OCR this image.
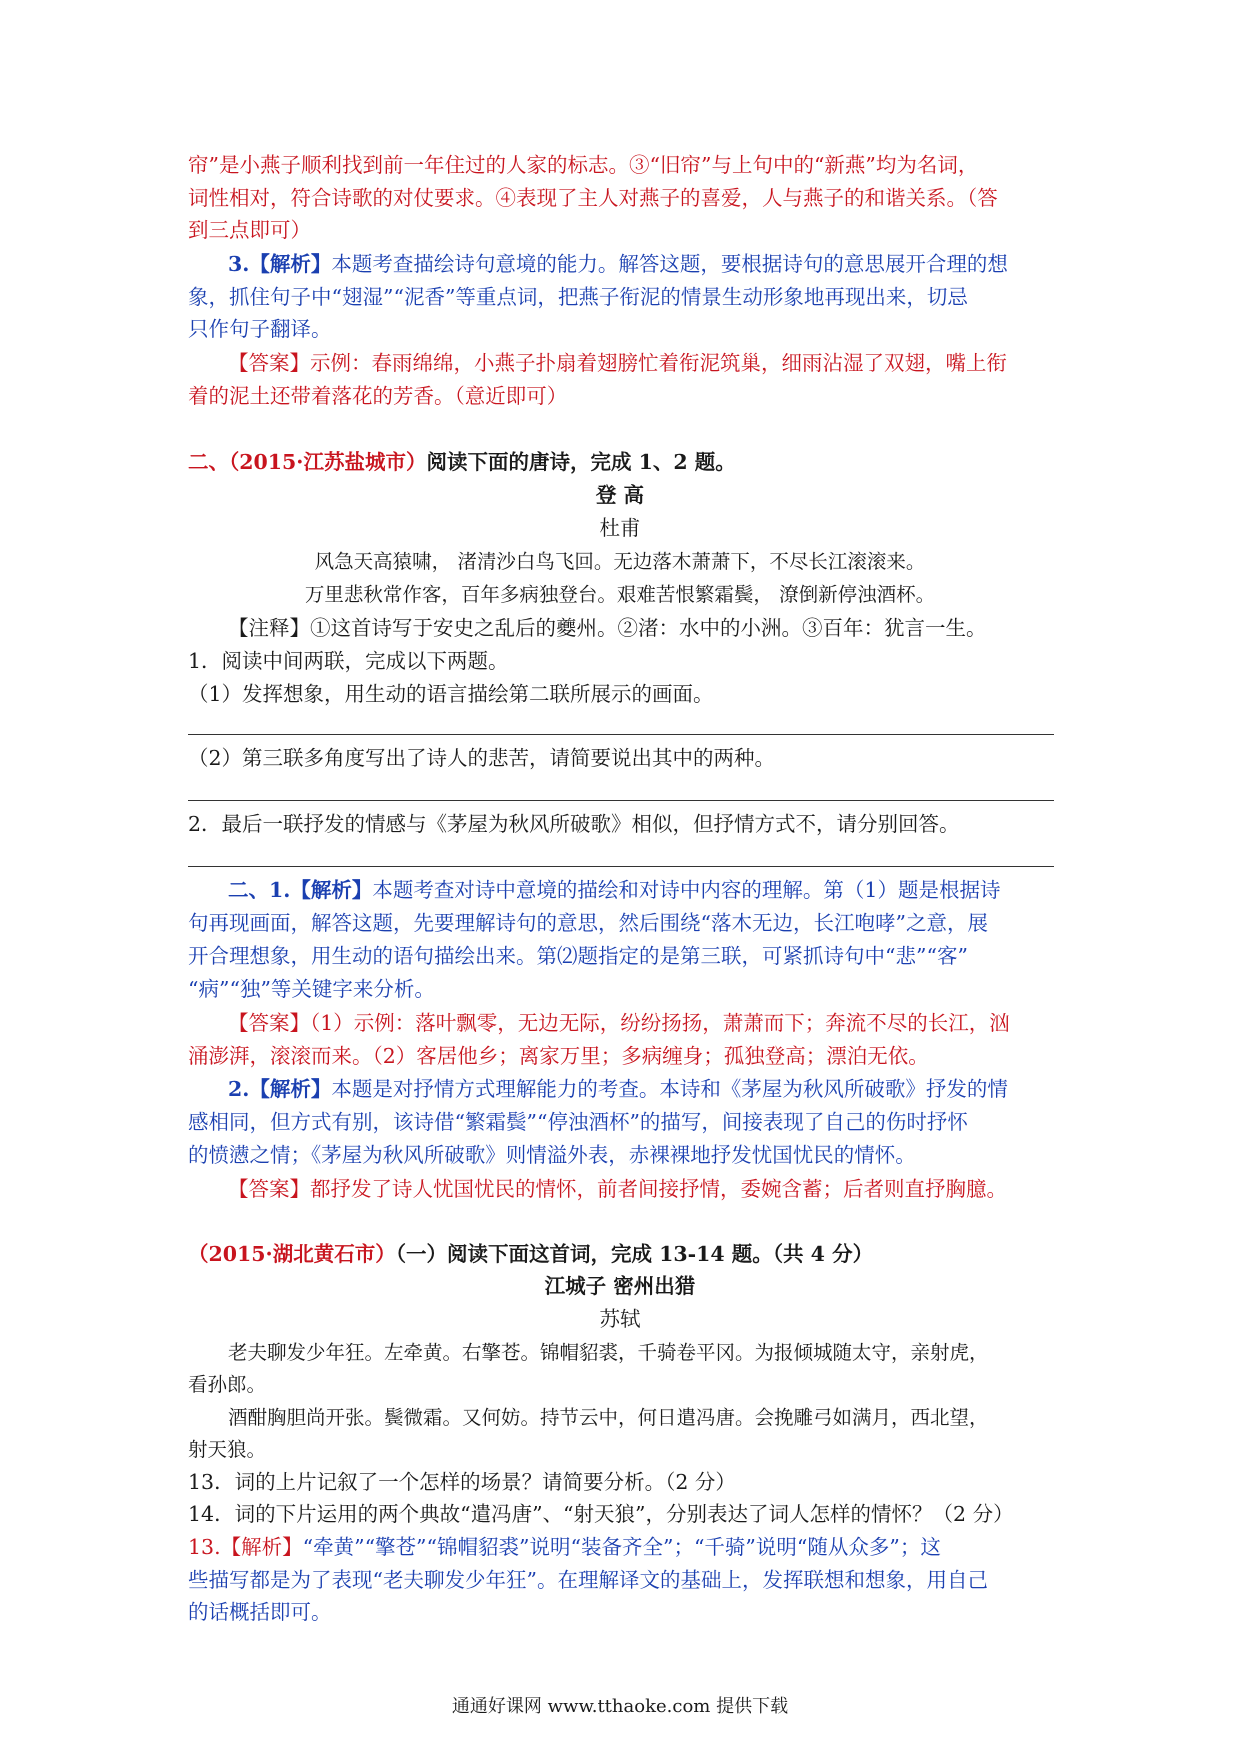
帘”是小燕子顺利找到前一年住过的人家的标志。③“旧帘”与上句中的“新燕”均为名词，
词性相对，符合诗歌的对仗要求。④表现了主人对燕子的喜爱，人与燕子的和谐关系。（答
到三点即可）
3.【解析】本题考查描绘诗句意境的能力。解答这题，要根据诗句的意思展开合理的想
象，抓住句子中“翅湿”“泥香”等重点词，把燕子衔泥的情景生动形象地再现出来，切忌
只作句子翻译。
【答案】示例：春雨绵绵，小燕子扑扇着翅膀忙着衔泥筑巢，细雨沾湿了双翅，嘴上衔
着的泥土还带着落花的芳香。（意近即可）
二、（2015·江苏盐城市）阅读下面的唐诗，完成 1、2 题。
登 高
杜甫
风急天高猿啸， 渚清沙白鸟飞回。无边落木萧萧下，不尽长江滚滚来。
万里悲秋常作客，百年多病独登台。艰难苦恨繁霜鬓， 潦倒新停浊酒杯。
【注释】①这首诗写于安史之乱后的夔州。②渚：水中的小洲。③百年：犹言一生。
1．阅读中间两联，完成以下两题。
（1）发挥想象，用生动的语言描绘第二联所展示的画面。
（2）第三联多角度写出了诗人的悲苦，请简要说出其中的两种。
2．最后一联抒发的情感与《茅屋为秋风所破歌》相似，但抒情方式不，请分别回答。
二、1.【解析】本题考查对诗中意境的描绘和对诗中内容的理解。第（1）题是根据诗
句再现画面，解答这题，先要理解诗句的意思，然后围绕“落木无边，长江咆哮”之意，展
开合理想象，用生动的语句描绘出来。第⑵题指定的是第三联，可紧抓诗句中“悲”“客”
“病”“独”等关键字来分析。
【答案】（1）示例：落叶飘零，无边无际，纷纷扬扬，萧萧而下；奔流不尽的长江，汹
涌澎湃，滚滚而来。（2）客居他乡；离家万里；多病缠身；孤独登高；漂泊无依。
2.【解析】本题是对抒情方式理解能力的考查。本诗和《茅屋为秋风所破歌》抒发的情
感相同，但方式有别，该诗借“繁霜鬓”“停浊酒杯”的描写，间接表现了自己的伤时抒怀
的愤懑之情；《茅屋为秋风所破歌》则情溢外表，赤裸裸地抒发忧国忧民的情怀。
【答案】都抒发了诗人忧国忧民的情怀，前者间接抒情，委婉含蓄；后者则直抒胸臆。
（2015·湖北黄石市）（一）阅读下面这首词，完成 13-14 题。（共 4 分）
江城子 密州出猎
苏轼
老夫聊发少年狂。左牵黄。右擎苍。锦帽貂裘，千骑卷平冈。为报倾城随太守，亲射虎，
看孙郎。
酒酣胸胆尚开张。鬓微霜。又何妨。持节云中，何日遣冯唐。会挽雕弓如满月，西北望，
射天狼。
13．词的上片记叙了一个怎样的场景？请简要分析。（2 分）
14．词的下片运用的两个典故“遣冯唐”、“射天狼”，分别表达了词人怎样的情怀？（2 分）
13.【解析】“牵黄”“擎苍”“锦帽貂裘”说明“装备齐全”；“千骑”说明“随从众多”；这
些描写都是为了表现“老夫聊发少年狂”。在理解译文的基础上，发挥联想和想象，用自己
的话概括即可。
通通好课网 www.tthaoke.com 提供下载
